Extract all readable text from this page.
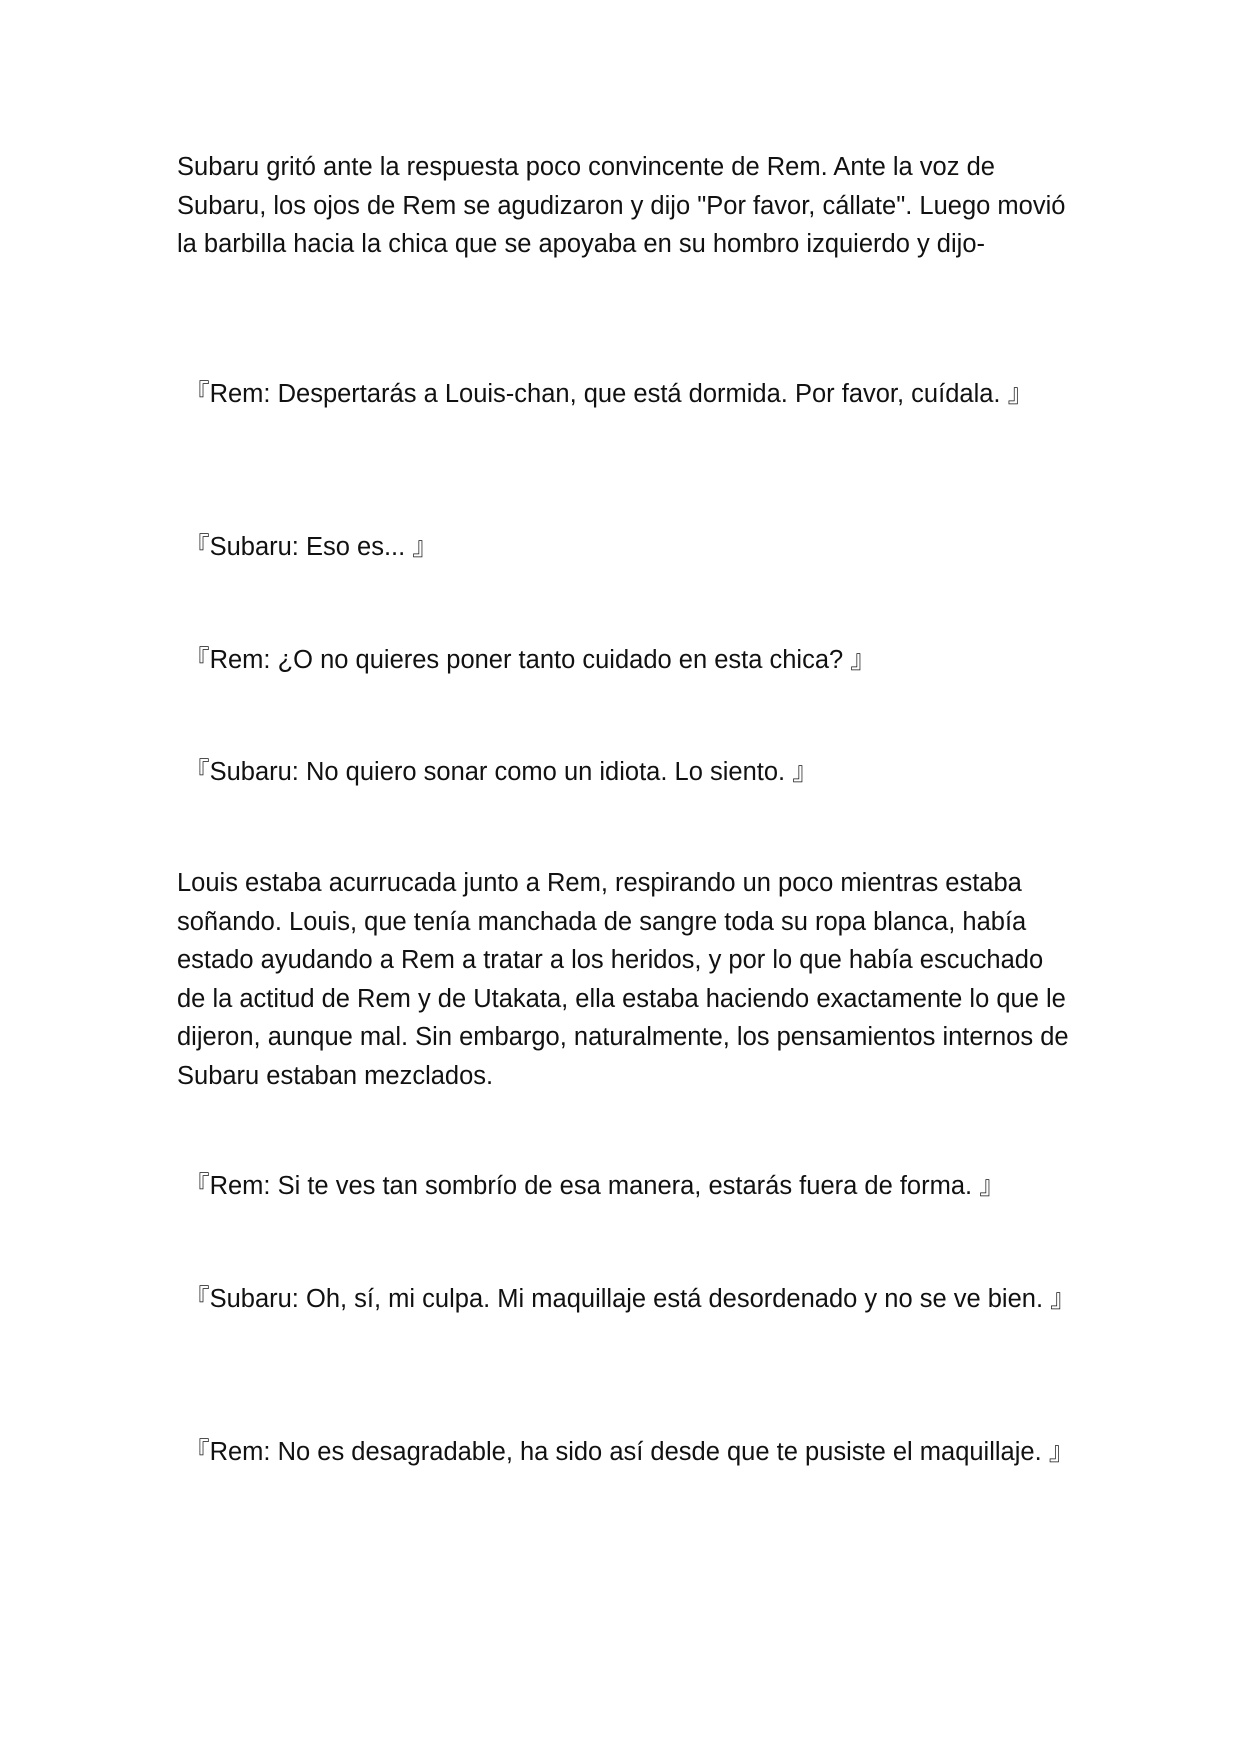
Subaru gritó ante la respuesta poco convincente de Rem. Ante la voz de Subaru, los ojos de Rem se agudizaron y dijo "Por favor, cállate". Luego movió la barbilla hacia la chica que se apoyaba en su hombro izquierdo y dijo-

『Rem: Despertarás a Louis-chan, que está dormida. Por favor, cuídala. 』

『Subaru: Eso es... 』

『Rem: ¿O no quieres poner tanto cuidado en esta chica? 』

『Subaru: No quiero sonar como un idiota. Lo siento. 』

Louis estaba acurrucada junto a Rem, respirando un poco mientras estaba soñando. Louis, que tenía manchada de sangre toda su ropa blanca, había estado ayudando a Rem a tratar a los heridos, y por lo que había escuchado de la actitud de Rem y de Utakata, ella estaba haciendo exactamente lo que le dijeron, aunque mal. Sin embargo, naturalmente, los pensamientos internos de Subaru estaban mezclados.

『Rem: Si te ves tan sombrío de esa manera, estarás fuera de forma. 』

『Subaru: Oh, sí, mi culpa. Mi maquillaje está desordenado y no se ve bien. 』

『Rem: No es desagradable, ha sido así desde que te pusiste el maquillaje. 』
